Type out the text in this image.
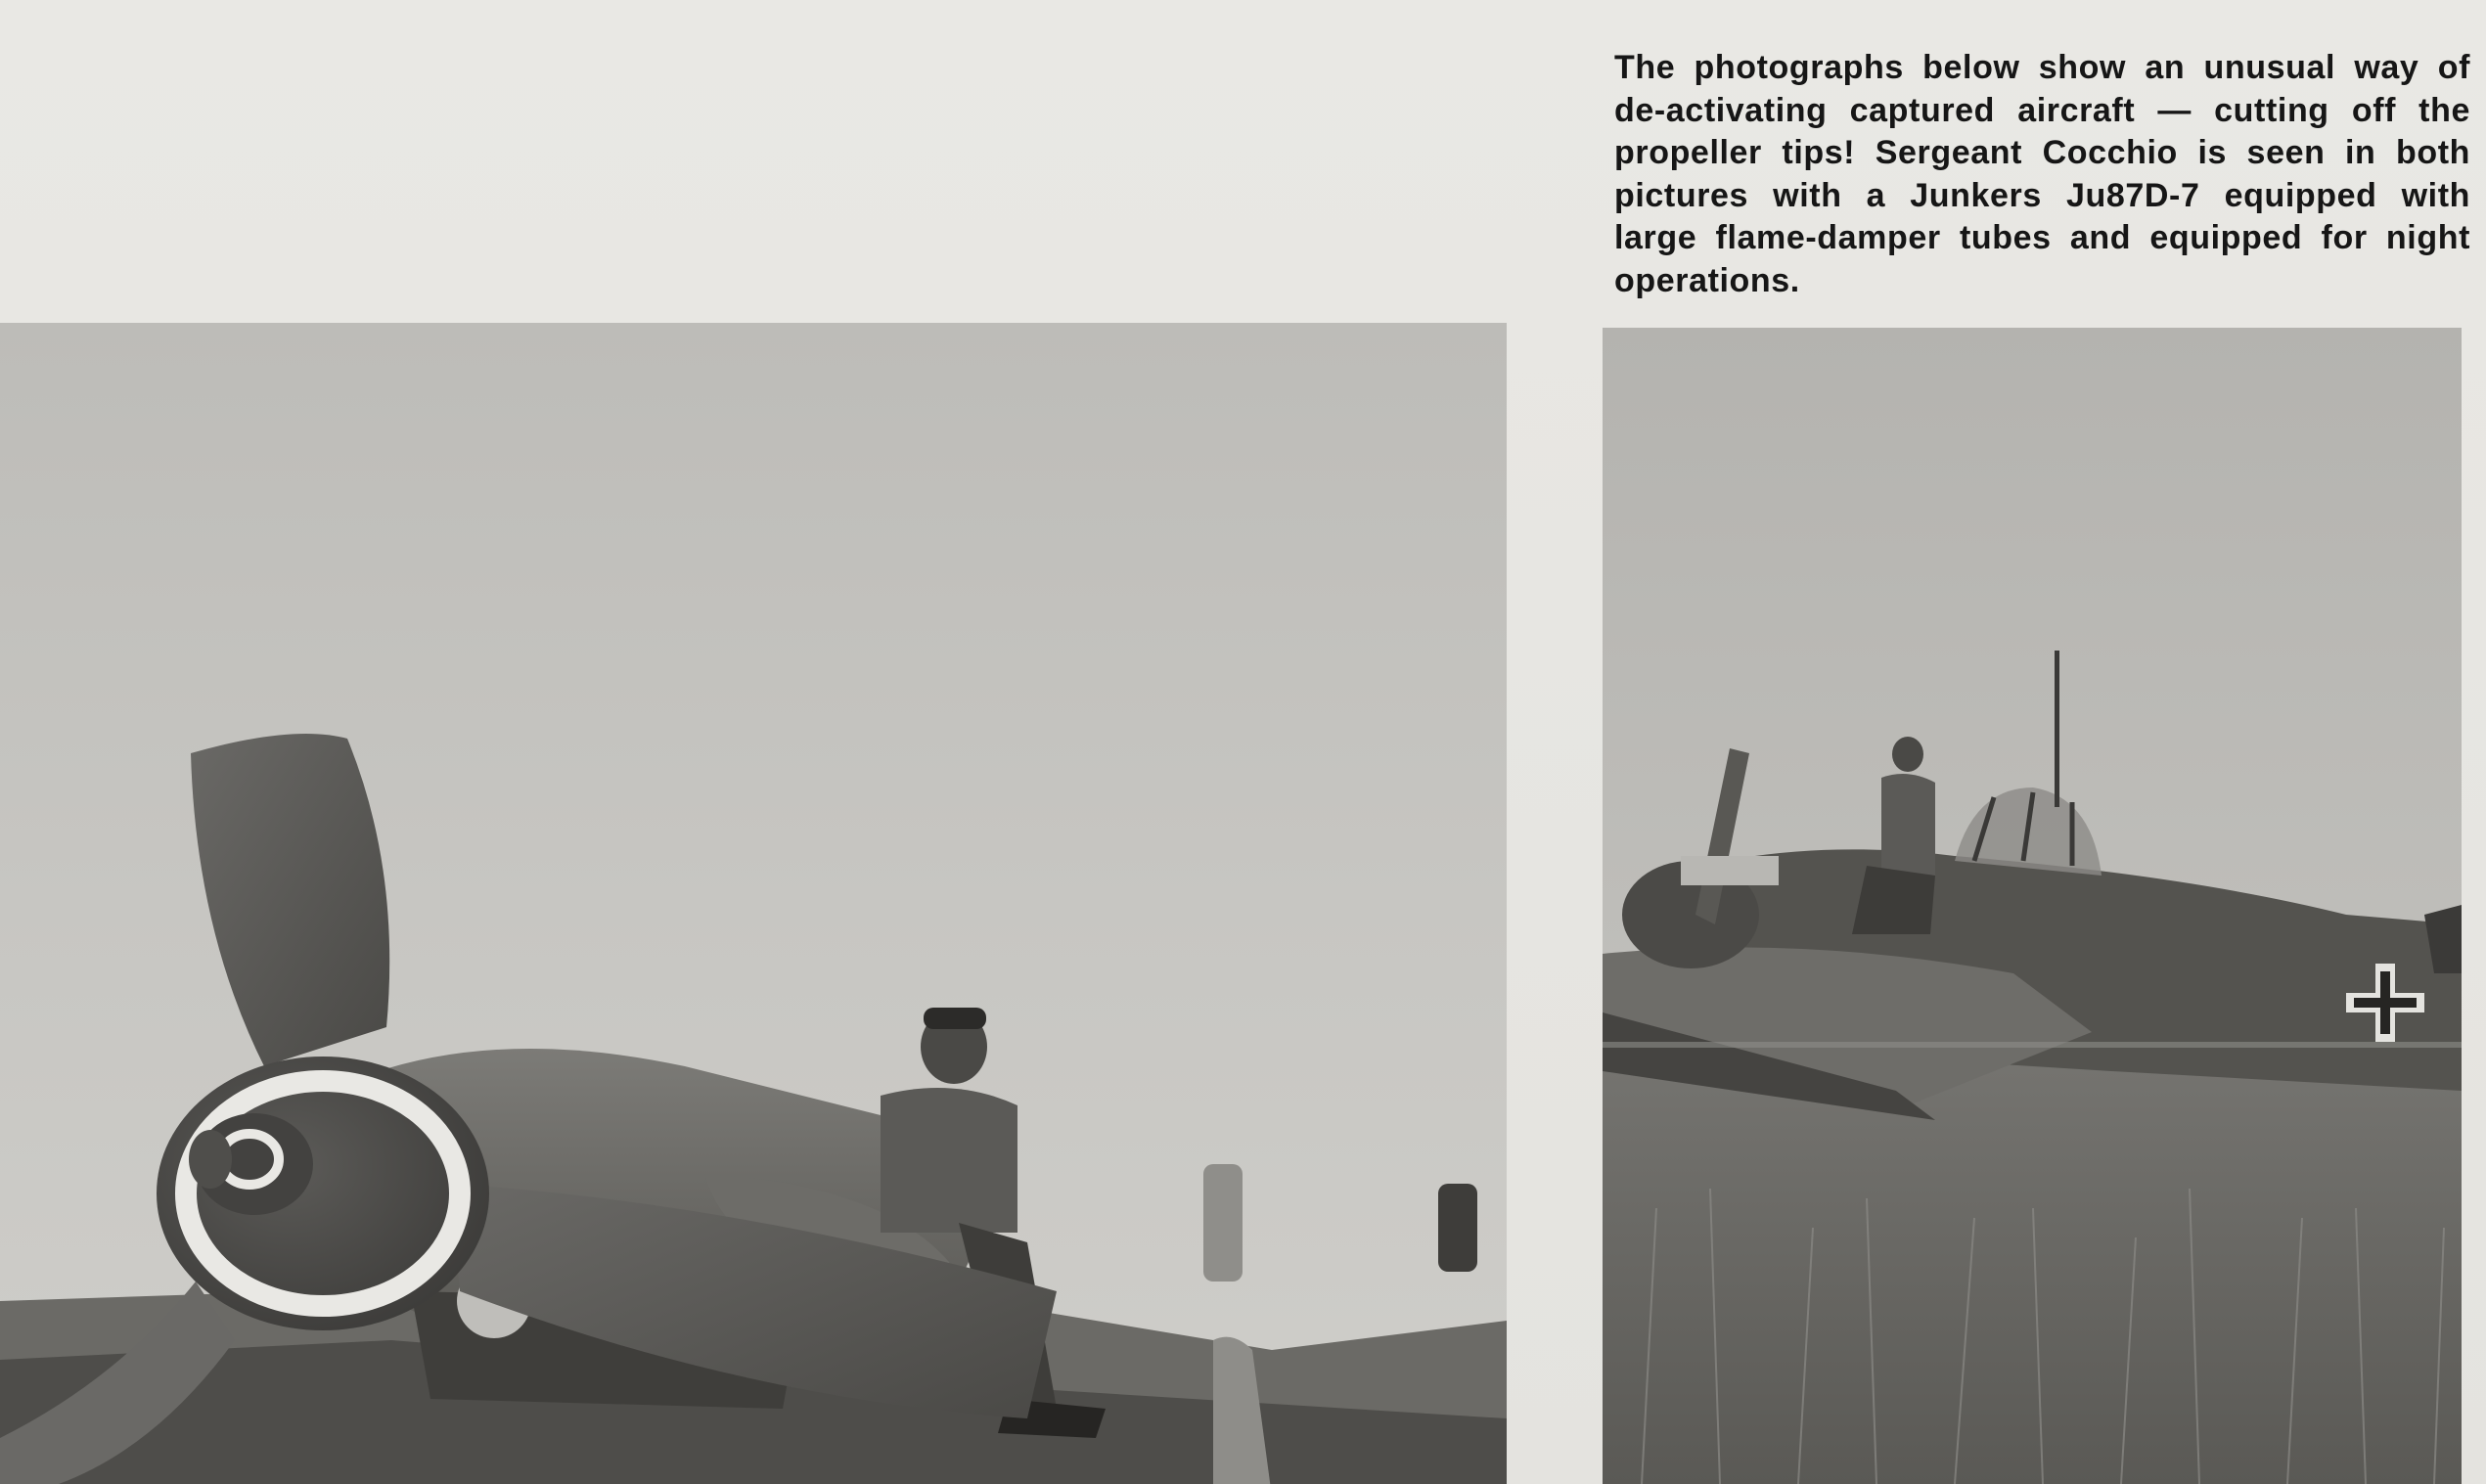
The photographs below show an unusual way of de-activating captured aircraft — cutting off the propeller tips! Sergeant Cocchio is seen in both pictures with a Junkers Ju87D-7 equipped with large flame-damper tubes and equipped for night operations.
